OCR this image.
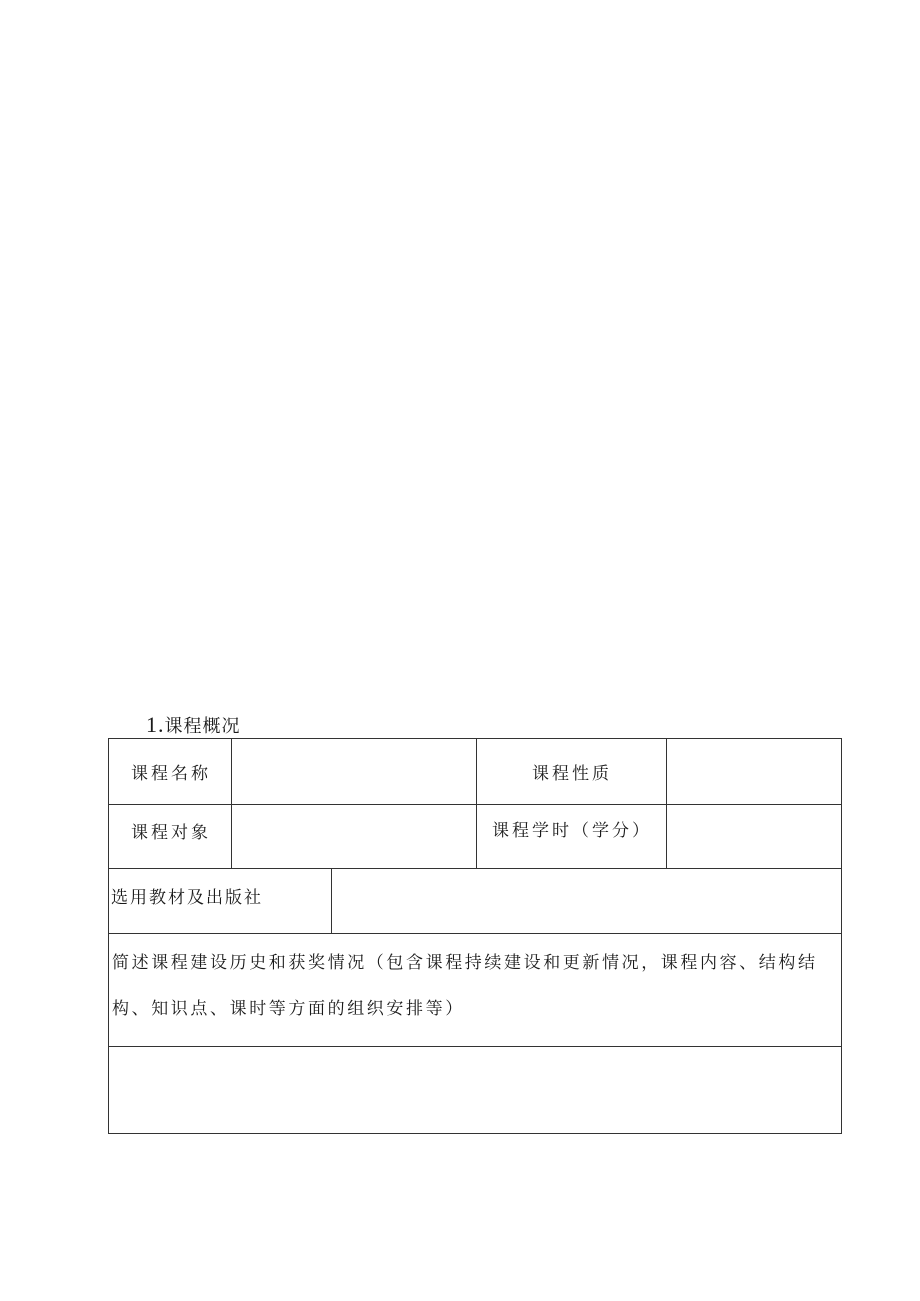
1.课程概况
课程名称	课程性质
课程对象	课程学时（学分）
选用教材及出版社
简述课程建设历史和获奖情况（包含课程持续建设和更新情况，课程内容、结构结构、知识点、课时等方面的组织安排等）
